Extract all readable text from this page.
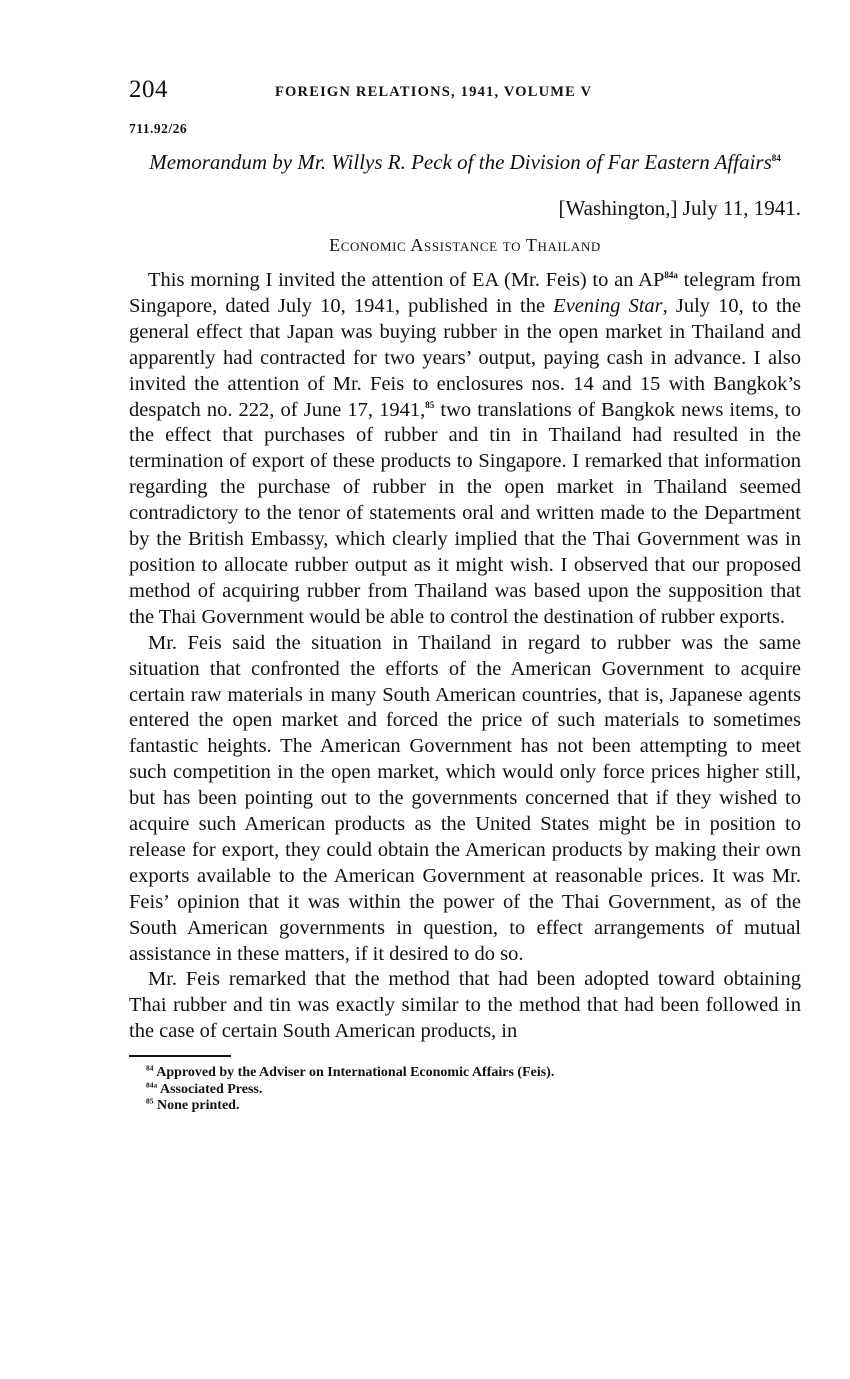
204	FOREIGN RELATIONS, 1941, VOLUME V
711.92/26
Memorandum by Mr. Willys R. Peck of the Division of Far Eastern Affairs$^{84}$
[Washington,] July 11, 1941.
Economic Assistance to Thailand

This morning I invited the attention of EA (Mr. Feis) to an $AP^{84a}$ telegram from Singapore, dated July 10, 1941, published in the Evening Star, July 10, to the general effect that Japan was buying rubber in the open market in Thailand and apparently had contracted for two years’ output, paying cash in advance. I also invited the attention of Mr. Feis to enclosures nos. 14 and 15 with Bangkok’s despatch no. 222, of June 17, 1941,85 two translations of Bangkok news items, to the effect that purchases of rubber and tin in Thailand had resulted in the termination of export of these products to Singapore. I remarked that information regarding the purchase of rubber in the open market in Thailand seemed contradictory to the tenor of statements oral and written made to the Department by the British Embassy, which clearly implied that the Thai Government was in position to allocate rubber output as it might wish. I observed that our proposed method of acquiring rubber from Thailand was based upon the supposition that the Thai Government would be able to control the destination of rubber exports.

Mr. Feis said the situation in Thailand in regard to rubber was the same situation that confronted the efforts of the American Government to acquire certain raw materials in many South American countries, that is, Japanese agents entered the open market and forced the price of such materials to sometimes fantastic heights. The American Government has not been attempting to meet such competition in the open market, which would only force prices higher still, but has been pointing out to the governments concerned that if they wished to acquire such American products as the United States might be in position to release for export, they could obtain the American products by making their own exports available to the American Government at reasonable prices. It was Mr. Feis’ opinion that it was within the power of the Thai Government, as of the South American governments in question, to effect arrangements of mutual assistance in these matters, if it desired to do so.

Mr. Feis remarked that the method that had been adopted toward obtaining Thai rubber and tin was exactly similar to the method that had been followed in the case of certain South American products, in

$^{84}$ Approved by the Adviser on International Economic Affairs (Feis).
$^{84a}$ Associated Press.
$^{85}$ None printed.
